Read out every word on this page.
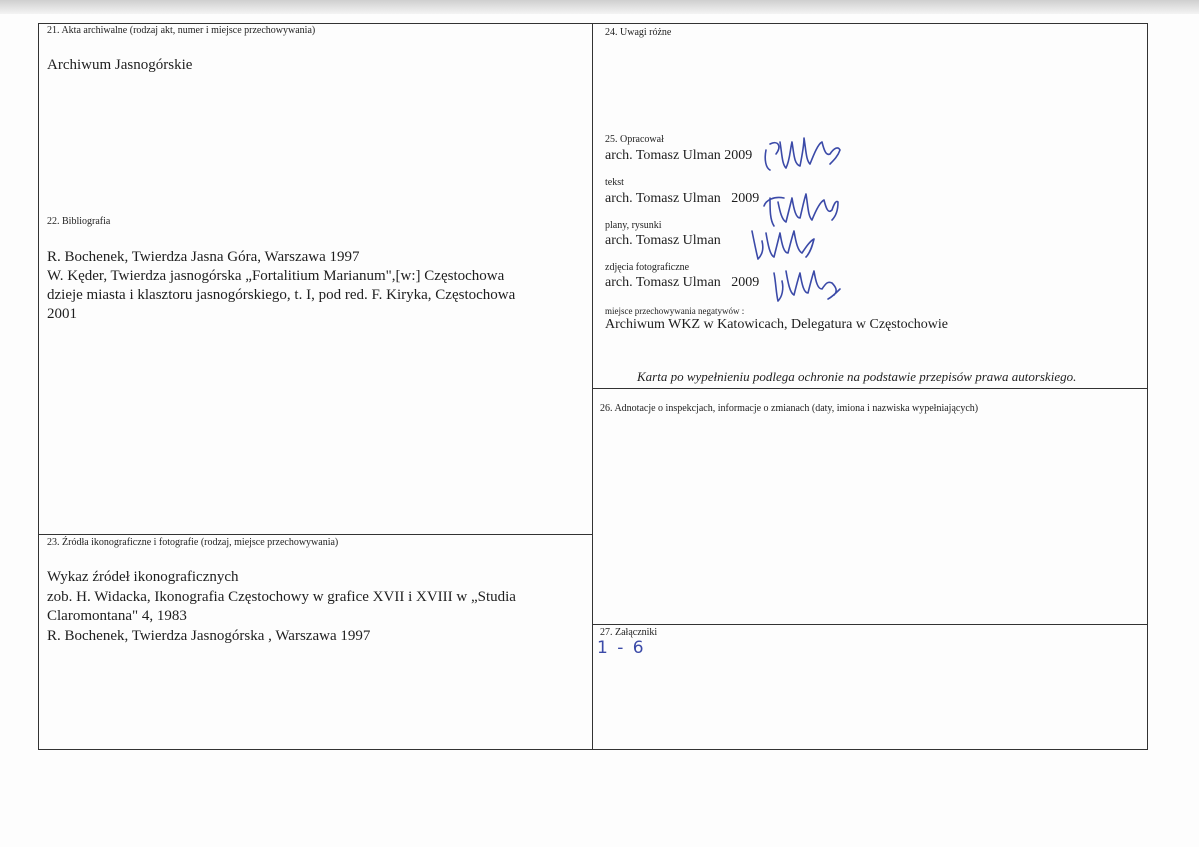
21. Akta archiwalne (rodzaj akt, numer i miejsce przechowywania)
Archiwum Jasnogórskie
22. Bibliografia
R. Bochenek, Twierdza Jasna Góra, Warszawa 1997
W. Kęder, Twierdza jasnogórska „Fortalitium Marianum",[w:] Częstochowa
dzieje miasta i klasztoru jasnogórskiego, t. I, pod red. F. Kiryka, Częstochowa
2001
23. Źródła ikonograficzne i fotografie (rodzaj, miejsce przechowywania)
Wykaz źródeł ikonograficznych
zob. H. Widacka, Ikonografia Częstochowy w grafice XVII i XVIII w „Studia
Claromontana" 4, 1983
R. Bochenek, Twierdza Jasnogórska , Warszawa 1997
24. Uwagi różne
25. Opracował
arch. Tomasz Ulman 2009
tekst
arch. Tomasz Ulman   2009
plany, rysunki
arch. Tomasz Ulman
zdjęcia fotograficzne
arch. Tomasz Ulman   2009
miejsce przechowywania negatywów :
Archiwum WKZ w Katowicach, Delegatura w Częstochowie
Karta po wypełnieniu podlega ochronie na podstawie przepisów prawa autorskiego.
26. Adnotacje o inspekcjach, informacje o zmianach (daty, imiona i nazwiska wypełniających)
27. Załączniki
1 - 6
